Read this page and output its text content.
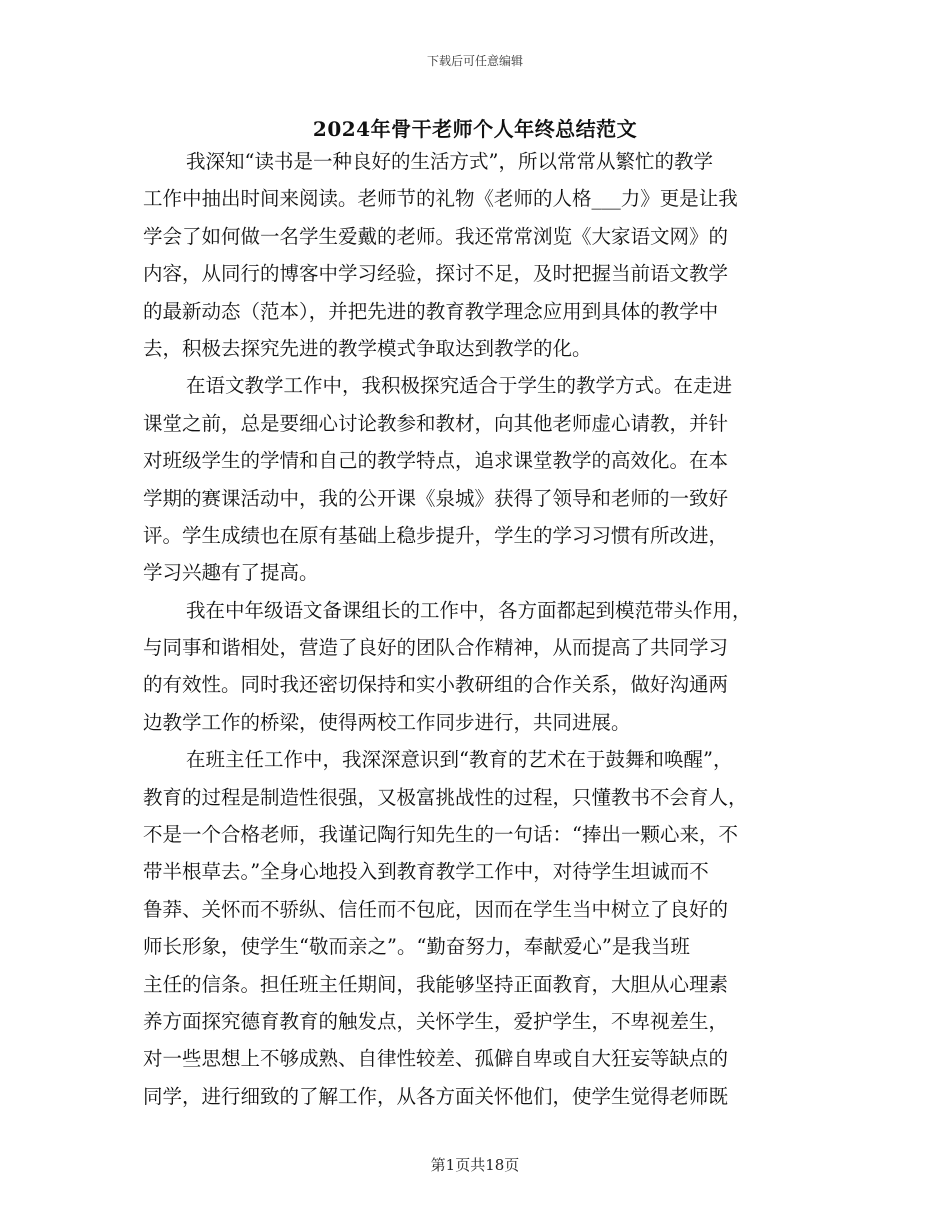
下载后可任意编辑
2024年骨干老师个人年终总结范文
我深知“读书是一种良好的生活方式”，所以常常从繁忙的教学
工作中抽出时间来阅读。老师节的礼物《老师的人格___力》更是让我
学会了如何做一名学生爱戴的老师。我还常常浏览《大家语文网》的
内容，从同行的博客中学习经验，探讨不足，及时把握当前语文教学
的最新动态（范本），并把先进的教育教学理念应用到具体的教学中
去，积极去探究先进的教学模式争取达到教学的化。
在语文教学工作中，我积极探究适合于学生的教学方式。在走进
课堂之前，总是要细心讨论教参和教材，向其他老师虚心请教，并针
对班级学生的学情和自己的教学特点，追求课堂教学的高效化。在本
学期的赛课活动中，我的公开课《泉城》获得了领导和老师的一致好
评。学生成绩也在原有基础上稳步提升，学生的学习习惯有所改进，
学习兴趣有了提高。
我在中年级语文备课组长的工作中，各方面都起到模范带头作用，
与同事和谐相处，营造了良好的团队合作精神，从而提高了共同学习
的有效性。同时我还密切保持和实小教研组的合作关系，做好沟通两
边教学工作的桥梁，使得两校工作同步进行，共同进展。
在班主任工作中，我深深意识到“教育的艺术在于鼓舞和唤醒”，
教育的过程是制造性很强，又极富挑战性的过程，只懂教书不会育人，
不是一个合格老师，我谨记陶行知先生的一句话：“捧出一颗心来，不
带半根草去。”全身心地投入到教育教学工作中，对待学生坦诚而不
鲁莽、关怀而不骄纵、信任而不包庇，因而在学生当中树立了良好的
师长形象，使学生“敬而亲之”。“勤奋努力，奉献爱心”是我当班
主任的信条。担任班主任期间，我能够坚持正面教育，大胆从心理素
养方面探究德育教育的触发点，关怀学生，爱护学生，不卑视差生，
对一些思想上不够成熟、自律性较差、孤僻自卑或自大狂妄等缺点的
同学，进行细致的了解工作，从各方面关怀他们，使学生觉得老师既
第1页共18页
